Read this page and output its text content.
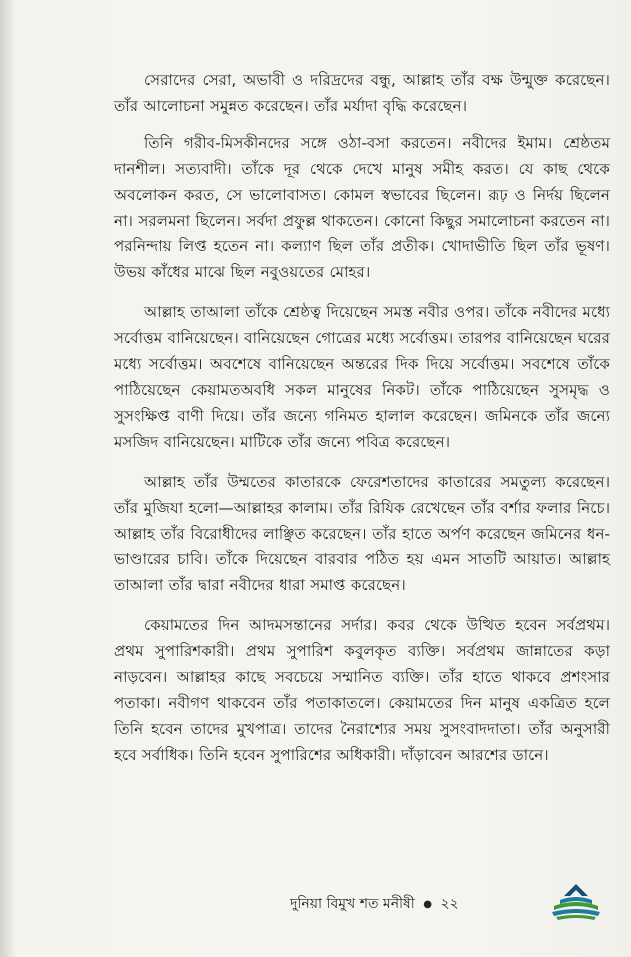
সেরাদের সেরা, অভাবী ও দরিদ্রদের বন্ধু, আল্লাহ তাঁর বক্ষ উন্মুক্ত করেছেন। তাঁর আলোচনা সমুন্নত করেছেন। তাঁর মর্যাদা বৃদ্ধি করেছেন।

তিনি গরীব-মিসকীনদের সঙ্গে ওঠা-বসা করতেন। নবীদের ইমাম। শ্রেষ্ঠতম দানশীল। সত্যবাদী। তাঁকে দূর থেকে দেখে মানুষ সমীহ করত। যে কাছ থেকে অবলোকন করত, সে ভালোবাসত। কোমল স্বভাবের ছিলেন। রূঢ় ও নির্দয় ছিলেন না। সরলমনা ছিলেন। সর্বদা প্রফুল্ল থাকতেন। কোনো কিছুর সমালোচনা করতেন না। পরনিন্দায় লিপ্ত হতেন না। কল্যাণ ছিল তাঁর প্রতীক। খোদাভীতি ছিল তাঁর ভূষণ। উভয় কাঁধের মাঝে ছিল নবুওয়তের মোহর।

আল্লাহ তাআলা তাঁকে শ্রেষ্ঠত্ব দিয়েছেন সমস্ত নবীর ওপর। তাঁকে নবীদের মধ্যে সর্বোত্তম বানিয়েছেন। বানিয়েছেন গোত্রের মধ্যে সর্বোত্তম। তারপর বানিয়েছেন ঘরের মধ্যে সর্বোত্তম। অবশেষে বানিয়েছেন অন্তরের দিক দিয়ে সর্বোত্তম। সবশেষে তাঁকে পাঠিয়েছেন কেয়ামতঅবধি সকল মানুষের নিকট। তাঁকে পাঠিয়েছেন সুসমৃদ্ধ ও সুসংক্ষিপ্ত বাণী দিয়ে। তাঁর জন্যে গনিমত হালাল করেছেন। জমিনকে তাঁর জন্যে মসজিদ বানিয়েছেন। মাটিকে তাঁর জন্যে পবিত্র করেছেন।

আল্লাহ তাঁর উম্মতের কাতারকে ফেরেশতাদের কাতারের সমতুল্য করেছেন। তাঁর মুজিযা হলো—আল্লাহর কালাম। তাঁর রিযিক রেখেছেন তাঁর বর্শার ফলার নিচে। আল্লাহ তাঁর বিরোধীদের লাঞ্ছিত করেছেন। তাঁর হাতে অর্পণ করেছেন জমিনের ধন-ভাণ্ডারের চাবি। তাঁকে দিয়েছেন বারবার পঠিত হয় এমন সাতটি আয়াত। আল্লাহ তাআলা তাঁর দ্বারা নবীদের ধারা সমাপ্ত করেছেন।

কেয়ামতের দিন আদমসন্তানের সর্দার। কবর থেকে উত্থিত হবেন সর্বপ্রথম। প্রথম সুপারিশকারী। প্রথম সুপারিশ কবুলকৃত ব্যক্তি। সর্বপ্রথম জান্নাতের কড়া নাড়বেন। আল্লাহর কাছে সবচেয়ে সম্মানিত ব্যক্তি। তাঁর হাতে থাকবে প্রশংসার পতাকা। নবীগণ থাকবেন তাঁর পতাকাতলে। কেয়ামতের দিন মানুষ একত্রিত হলে তিনি হবেন তাদের মুখপাত্র। তাদের নৈরাশ্যের সময় সুসংবাদদাতা। তাঁর অনুসারী হবে সর্বাধিক। তিনি হবেন সুপারিশের অধিকারী। দাঁড়াবেন আরশের ডানে।

দুনিয়া বিমুখ শত মনীষী ● ২২
